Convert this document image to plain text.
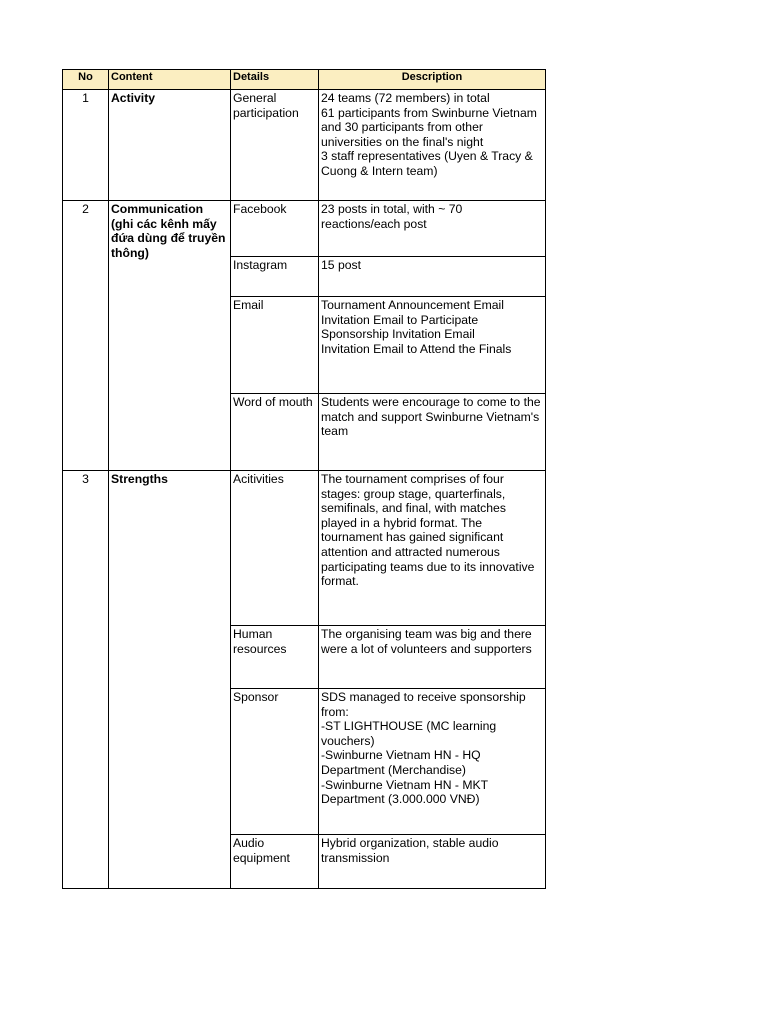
No	Content	Details	Description
1	Activity	General participation	24 teams (72 members) in total
61 participants from Swinburne Vietnam and 30 participants from other universities on the final's night
3 staff representatives (Uyen & Tracy & Cuong & Intern team)

2	Communication (ghi các kênh mấy đứa dùng để truyền thông)	Facebook	23 posts in total, with ~ 70 reactions/each post

		Instagram	15 post

		Email	Tournament Announcement Email
Invitation Email to Participate
Sponsorship Invitation Email
Invitation Email to Attend the Finals

		Word of mouth	Students were encourage to come to the match and support Swinburne Vietnam's team

3	Strengths	Acitivities	The tournament comprises of four stages: group stage, quarterfinals, semifinals, and final, with matches played in a hybrid format. The tournament has gained significant attention and attracted numerous participating teams due to its innovative format.

		Human resources	The organising team was big and there were a lot of volunteers and supporters

		Sponsor	SDS managed to receive sponsorship from:
-ST LIGHTHOUSE (MC learning vouchers)
-Swinburne Vietnam HN - HQ Department (Merchandise)
-Swinburne Vietnam HN - MKT Department (3.000.000 VNĐ)

		Audio equipment	Hybrid organization, stable audio transmission
